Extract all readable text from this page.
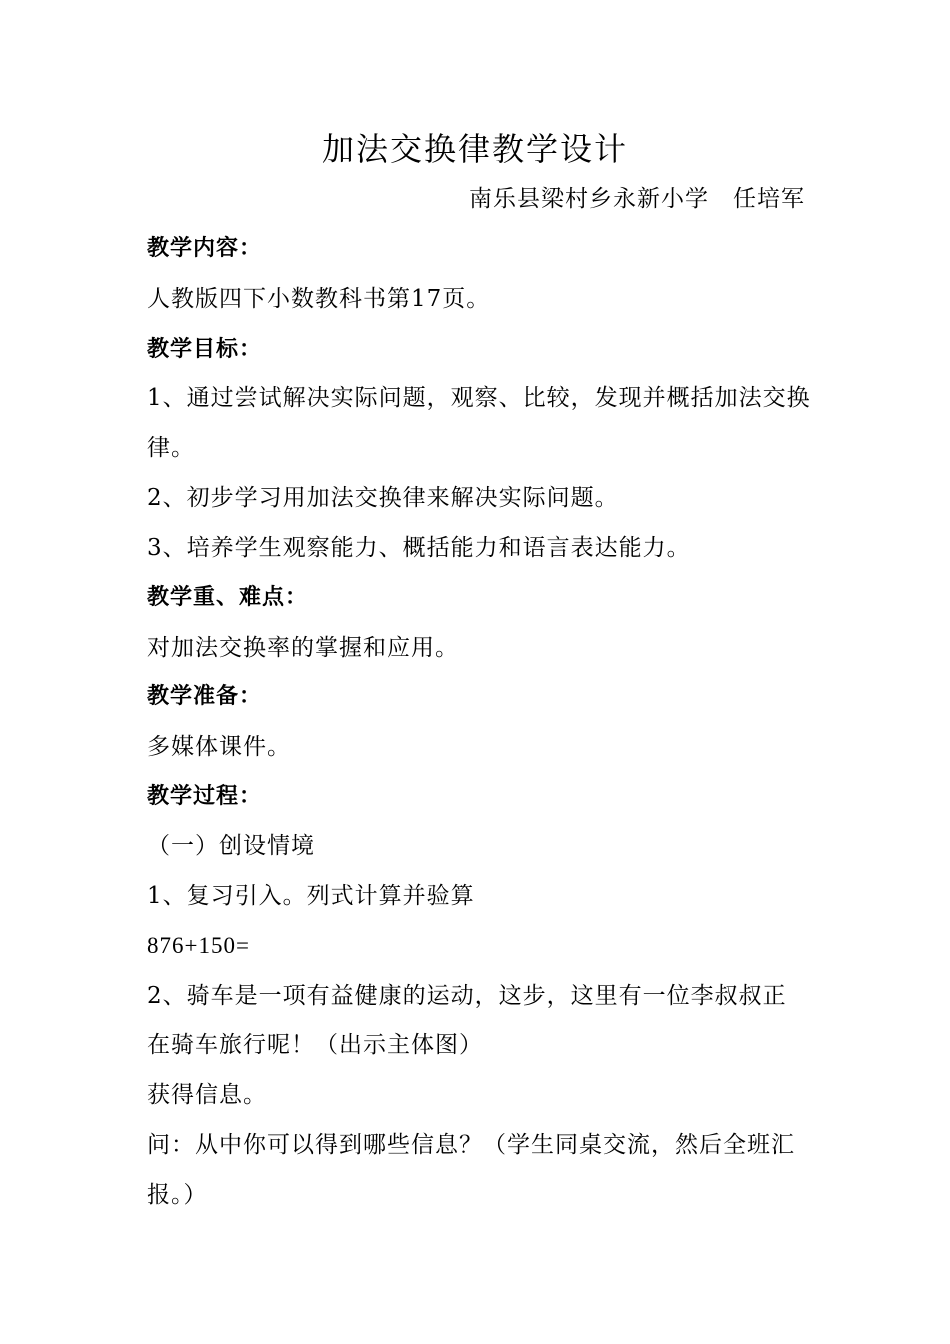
加法交换律教学设计
南乐县梁村乡永新小学　任培军
教学内容：
人教版四下小数教科书第17页。
教学目标：
1、通过尝试解决实际问题，观察、比较，发现并概括加法交换
律。
2、初步学习用加法交换律来解决实际问题。
3、培养学生观察能力、概括能力和语言表达能力。
教学重、难点：
对加法交换率的掌握和应用。
教学准备：
多媒体课件。
教学过程：
（一）创设情境
1、复习引入。列式计算并验算
876+150=
2、骑车是一项有益健康的运动，这步，这里有一位李叔叔正
在骑车旅行呢！（出示主体图）
获得信息。
问：从中你可以得到哪些信息？（学生同桌交流，然后全班汇
报。）
